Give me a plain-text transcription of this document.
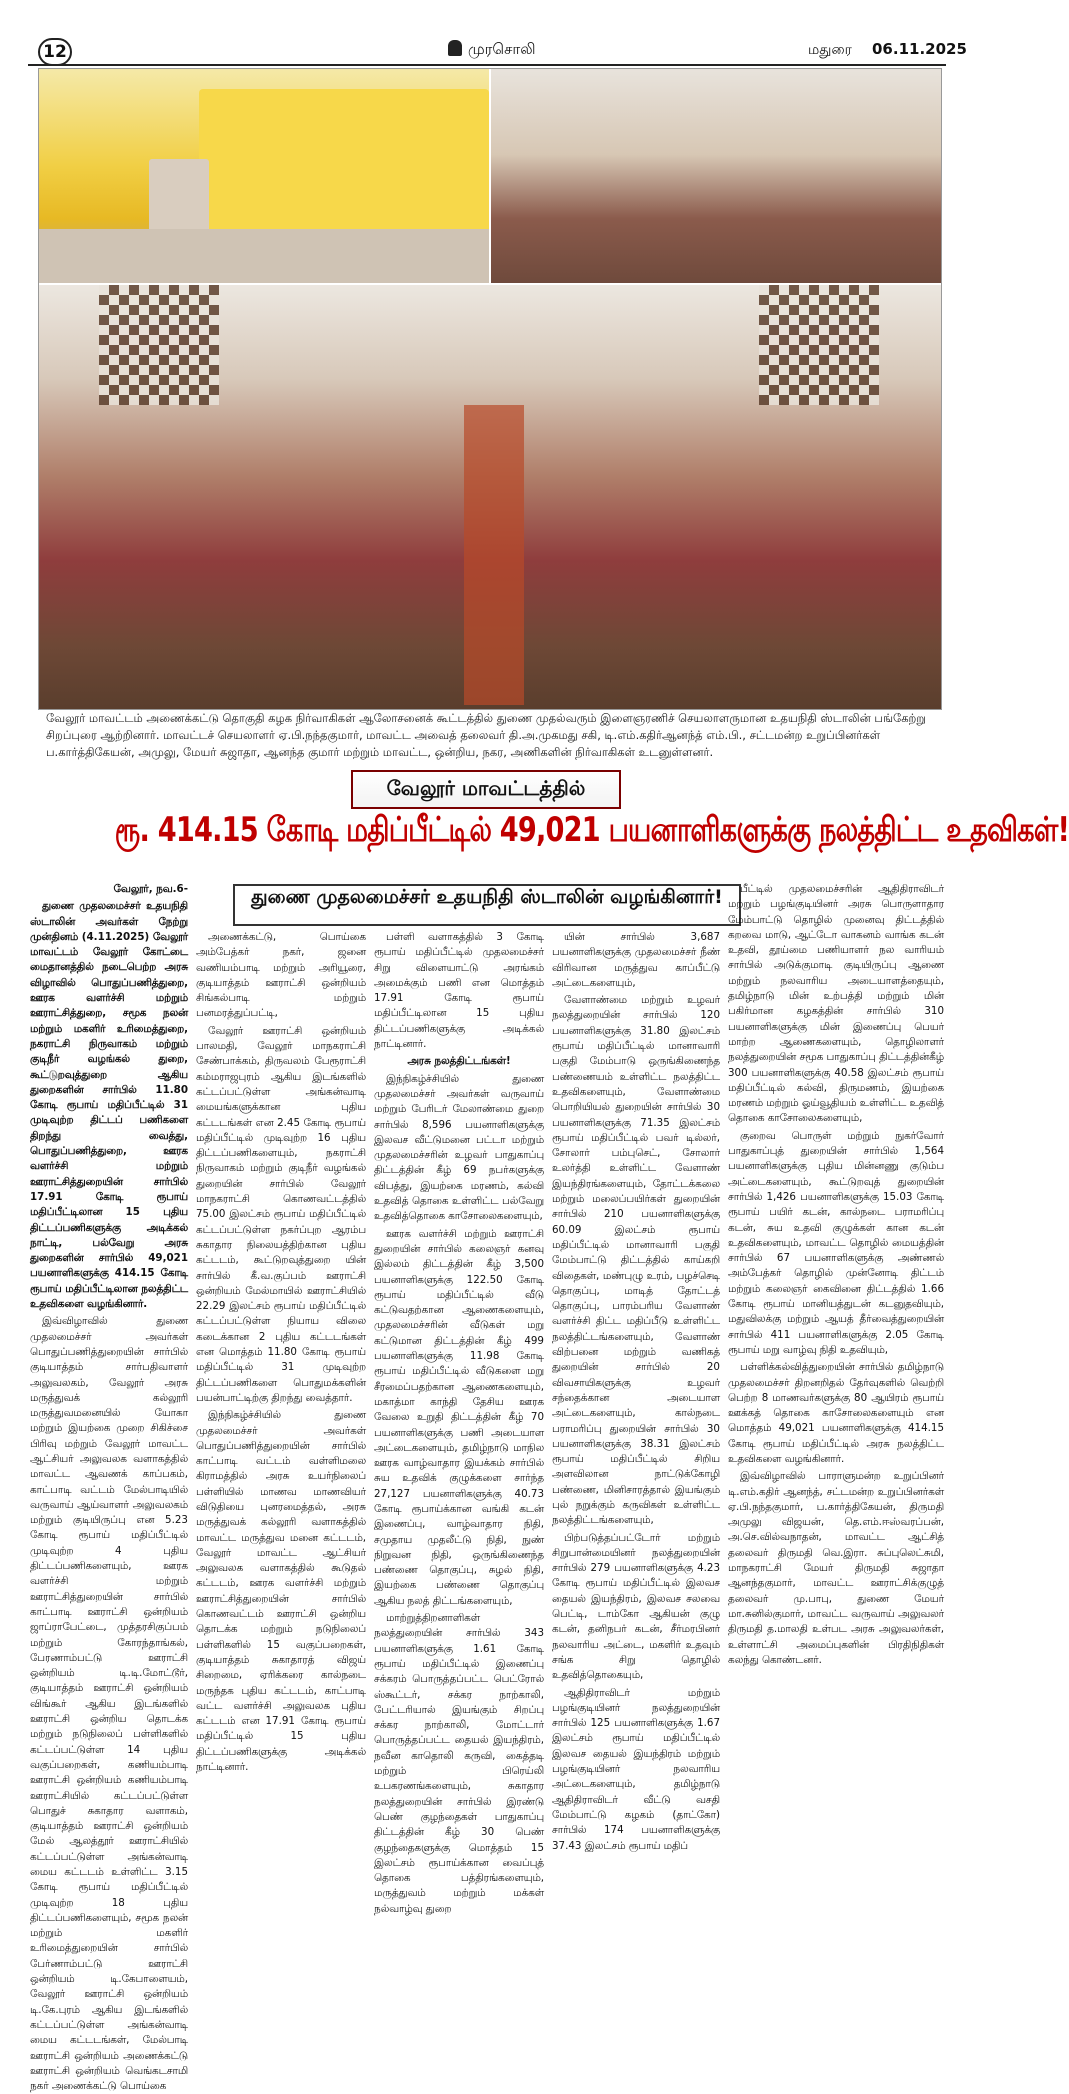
12	முரசொலி	மதுரை 06.11.2025
வேலூர் மாவட்டம் அணைக்கட்டு தொகுதி கழக நிர்வாகிகள் ஆலோசனைக் கூட்டத்தில் துணை முதல்வரும் இளைஞரணிச் செயலாளருமான உதயநிதி ஸ்டாலின் பங்கேற்று சிறப்புரை ஆற்றினார். மாவட்டச் செயலாளர் ஏ.பி.நந்தகுமார், மாவட்ட அவைத் தலைவர் தி.அ.முகமது சகி, டி.எம்.கதிர்ஆனந்த் எம்.பி., சட்டமன்ற உறுப்பினர்கள் ப.கார்த்திகேயன், அமுலு, மேயர் சுஜாதா, ஆனந்த குமார் மற்றும் மாவட்ட, ஒன்றிய, நகர, அணிகளின் நிர்வாகிகள் உடனுள்ளனர்.
வேலூர் மாவட்டத்தில்
ரூ. 414.15 கோடி மதிப்பீட்டில் 49,021 பயனாளிகளுக்கு நலத்திட்ட உதவிகள்!
துணை முதலமைச்சர் உதயநிதி ஸ்டாலின் வழங்கினார்!

வேலூர், நவ.6-

துணை முதலமைச்சர் உதயநிதி ஸ்டாலின் அவர்கள் நேற்று முன்தினம் (4.11.2025) வேலூர் மாவட்டம் வேலூர் கோட்டை மைதானத்தில் நடைபெற்ற அரசு விழாவில் பொதுப்பணித்துறை, ஊரக வளர்ச்சி மற்றும் ஊராட்சித்துறை, சமூக நலன் மற்றும் மகளிர் உரிமைத்துறை, நகராட்சி நிருவாகம் மற்றும் குடிநீர் வழங்கல் துறை, கூட்டுறவுத்துறை ஆகிய துறைகளின் சார்பில் 11.80 கோடி ரூபாய் மதிப்பீட்டில் 31 முடிவுற்ற திட்டப் பணிகளை திறந்து வைத்து, பொதுப்பணித்துறை, ஊரக வளர்ச்சி மற்றும் ஊராட்சித்துறையின் சார்பில் 17.91 கோடி ரூபாய் மதிப்பீட்டிலான 15 புதிய திட்டப்பணிகளுக்கு அடிக்கல் நாட்டி, பல்வேறு அரசு துறைகளின் சார்பில் 49,021 பயனாளிகளுக்கு 414.15 கோடி ரூபாய் மதிப்பீட்டிலான நலத்திட்ட உதவிகளை வழங்கினார்.

இவ்விழாவில் துணை முதலமைச்சர் அவர்கள் பொதுப்பணித்துறையின் சார்பில் குடியாத்தம் சார்பதிவாளர் அலுவலகம், வேலூர் அரசு மருத்துவக் கல்லூரி மருத்துவமனையில் யோகா மற்றும் இயற்கை முறை சிகிச்சை பிரிவு மற்றும் வேலூர் மாவட்ட ஆட்சியர் அலுவலக வளாகத்தில் மாவட்ட ஆவணக் காப்பகம், காட்பாடி வட்டம் மேல்பாடியில் வருவாய் ஆய்வாளர் அலுவலகம் மற்றும் குடியிருப்பு என 5.23 கோடி ரூபாய் மதிப்பீட்டில் முடிவுற்ற 4 புதிய திட்டப்பணிகளையும், ஊரக வளர்ச்சி மற்றும் ஊராட்சித்துறையின் சார்பில் காட்பாடி ஊராட்சி ஒன்றியம் ஜாப்ராபேட்டை, முத்தரசிகுப்பம் மற்றும் கோரந்தாங்கல், பேரணாம்பட்டு ஊராட்சி ஒன்றியம் டி.டி.மோட்டூர், குடியாத்தம் ஊராட்சி ஒன்றியம் விங்கூர் ஆகிய இடங்களில் ஊராட்சி ஒன்றிய தொடக்க மற்றும் நடுநிலைப் பள்ளிகளில் கட்டப்பட்டுள்ள 14 புதிய வகுப்பறைகள், கணியம்பாடி ஊராட்சி ஒன்றியம் கணியம்பாடி ஊராட்சியில் கட்டப்பட்டுள்ள பொதுச் சுகாதார வளாகம், குடியாத்தம் ஊராட்சி ஒன்றியம் மேல் ஆலத்தூர் ஊராட்சியில் கட்டப்பட்டுள்ள அங்கன்வாடி மைய கட்டடம் உள்ளிட்ட 3.15 கோடி ரூபாய் மதிப்பீட்டில் முடிவுற்ற 18 புதிய திட்டப்பணிகளையும், சமூக நலன் மற்றும் மகளிர் உரிமைத்துறையின் சார்பில் பேர்ணாம்பட்டு ஊராட்சி ஒன்றியம் டி.கேபாளையம், வேலூர் ஊராட்சி ஒன்றியம் டி.கே.புரம் ஆகிய இடங்களில் கட்டப்பட்டுள்ள அங்கன்வாடி மைய கட்டடங்கள், மேல்பாடி ஊராட்சி ஒன்றியம் அணைக்கட்டு ஊராட்சி ஒன்றியம் வெங்கடசாமி நகர் அணைக்கட்டு பொய்கை

அணைக்கட்டு, பொய்கை அம்பேத்கர் நகர், ஜனை வணியம்பாடி மற்றும் அரியூரை, குடியாத்தம் ஊராட்சி ஒன்றியம் சிங்கல்பாடி மற்றும் பனமரத்துப்பட்டி,

வேலூர் ஊராட்சி ஒன்றியம் பாலமதி, வேலூர் மாநகராட்சி சேண்பாக்கம், திருவலம் பேரூராட்சி கம்மராஜபுரம் ஆகிய இடங்களில் கட்டப்பட்டுள்ள அங்கன்வாடி மையங்களுக்கான புதிய கட்டடங்கள் என 2.45 கோடி ரூபாய் மதிப்பீட்டில் முடிவுற்ற 16 புதிய திட்டப்பணிகளையும், நகராட்சி நிருவாகம் மற்றும் குடிநீர் வழங்கல் துறையின் சார்பில் வேலூர் மாநகராட்சி கொணவட்டத்தில் 75.00 இலட்சம் ரூபாய் மதிப்பீட்டில் கட்டப்பட்டுள்ள நகர்ப்புற ஆரம்ப சுகாதார நிலையத்திற்கான புதிய கட்டடம், கூட்டுறவுத்துறை யின் சார்பில் கீ.வ.குப்பம் ஊராட்சி ஒன்றியம் மேல்மாயில் ஊராட்சியில் 22.29 இலட்சம் ரூபாய் மதிப்பீட்டில் கட்டப்பட்டுள்ள நியாய விலை கடைக்கான 2 புதிய கட்டடங்கள் என மொத்தம் 11.80 கோடி ரூபாய் மதிப்பீட்டில் 31 முடிவுற்ற திட்டப்பணிகளை பொதுமக்களின் பயன்பாட்டிற்கு திறந்து வைத்தார்.

இந்நிகழ்ச்சியில் துணை முதலமைச்சர் அவர்கள் பொதுப்பணித்துறையின் சார்பில் காட்பாடி வட்டம் வள்ளிமலை கிராமத்தில் அரசு உயர்நிலைப் பள்ளியில் மாணவ மாணவியர் விடுதியை புனரமைத்தல், அரசு மருத்துவக் கல்லூரி வளாகத்தில் மாவட்ட மருத்துவ மனை கட்டடம், வேலூர் மாவட்ட ஆட்சியர் அலுவலக வளாகத்தில் கூடுதல் கட்டடம், ஊரக வளர்ச்சி மற்றும் ஊராட்சித்துறையின் சார்பில் கொணவட்டம் ஊராட்சி ஒன்றிய தொடக்க மற்றும் நடுநிலைப் பள்ளிகளில் 15 வகுப்பறைகள், குடியாத்தம் சுகாதாரத் விஜய் சிறைமை, ஏரிக்கரை கால்நடை மருந்தக புதிய கட்டடம், காட்பாடி வட்ட வளர்ச்சி அலுவலக புதிய கட்டடம் என 17.91 கோடி ரூபாய் மதிப்பீட்டில் 15 புதிய திட்டப்பணிகளுக்கு அடிக்கல் நாட்டினார்.

பள்ளி வளாகத்தில் 3 கோடி ரூபாய் மதிப்பீட்டில் முதலமைச்சர் சிறு விளையாட்டு அரங்கம் அமைக்கும் பணி என மொத்தம் 17.91 கோடி ரூபாய் மதிப்பீட்டிலான 15 புதிய திட்டப்பணிகளுக்கு அடிக்கல் நாட்டினார்.

அரசு நலத்திட்டங்கள்!

இந்நிகழ்ச்சியில் துணை முதலமைச்சர் அவர்கள் வருவாய் மற்றும் பேரிடர் மேலாண்மை துறை சார்பில் 8,596 பயனாளிகளுக்கு இலவச வீட்டுமனை பட்டா மற்றும் முதலமைச்சரின் உழவர் பாதுகாப்பு திட்டத்தின் கீழ் 69 நபர்களுக்கு விபத்து, இயற்கை மரணம், கல்வி உதவித் தொகை உள்ளிட்ட பல்வேறு உதவித்தொகை காசோலைகளையும்,

ஊரக வளர்ச்சி மற்றும் ஊராட்சி துறையின் சார்பில் கலைஞர் கனவு இல்லம் திட்டத்தின் கீழ் 3,500 பயனாளிகளுக்கு 122.50 கோடி ரூபாய் மதிப்பீட்டில் வீடு கட்டுவதற்கான ஆணைகளையும், முதலமைச்சரின் வீடுகள் மறு கட்டுமான திட்டத்தின் கீழ் 499 பயனாளிகளுக்கு 11.98 கோடி ரூபாய் மதிப்பீட்டில் வீடுகளை மறு சீரமைப்பதற்கான ஆணைகளையும், மகாத்மா காந்தி தேசிய ஊரக வேலை உறுதி திட்டத்தின் கீழ் 70 பயனாளிகளுக்கு பணி அடையாள அட்டைகளையும், தமிழ்நாடு மாநில ஊரக வாழ்வாதார இயக்கம் சார்பில் சுய உதவிக் குழுக்களை சார்ந்த 27,127 பயனாளிகளுக்கு 40.73 கோடி ரூபாய்க்கான வங்கி கடன் இணைப்பு, வாழ்வாதார நிதி, சமுதாய முதலீட்டு நிதி, நுண் நிறுவன நிதி, ஒருங்கிணைந்த பண்ணை தொகுப்பு, சுழல் நிதி, இயற்கை பண்ணை தொகுப்பு ஆகிய நலத் திட்டங்களையும்,

மாற்றுத்திறனாளிகள் நலத்துறையின் சார்பில் 343 பயனாளிகளுக்கு 1.61 கோடி ரூபாய் மதிப்பீட்டில் இணைப்பு சக்கரம் பொருத்தப்பட்ட பெட்ரோல் ஸ்கூட்டர், சக்கர நாற்காலி, பேட்டரியால் இயங்கும் சிறப்பு சக்கர நாற்காலி, மோட்டார் பொருத்தப்பட்ட தையல் இயந்திரம், நவீன காதொலி கருவி, கைத்தடி மற்றும் பிரெய்லி உபகரணங்களையும், சுகாதார நலத்துறையின் சார்பில் இரண்டு பெண் குழந்தைகள் பாதுகாப்பு திட்டத்தின் கீழ் 30 பெண் குழந்தைகளுக்கு மொத்தம் 15 இலட்சம் ரூபாய்க்கான வைப்புத் தொகை பத்திரங்களையும், மருத்துவம் மற்றும் மக்கள் நல்வாழ்வு துறை

யின் சார்பில் 3,687 பயனாளிகளுக்கு முதலமைச்சர் நீண் விரிவான மருத்துவ காப்பீட்டு அட்டைகளையும்,

வேளாண்மை மற்றும் உழவர் நலத்துறையின் சார்பில் 120 பயனாளிகளுக்கு 31.80 இலட்சம் ரூபாய் மதிப்பீட்டில் மானாவாரி பகுதி மேம்பாடு ஒருங்கிணைந்த பண்ணையம் உள்ளிட்ட நலத்திட்ட உதவிகளையும், வேளாண்மை பொறியியல் துறையின் சார்பில் 30 பயனாளிகளுக்கு 71.35 இலட்சம் ரூபாய் மதிப்பீட்டில் பவர் டில்லர், சோலார் பம்புசெட், சோலார் உலர்த்தி உள்ளிட்ட வேளாண் இயந்திரங்களையும், தோட்டக்கலை மற்றும் மலைப்பயிர்கள் துறையின் சார்பில் 210 பயனாளிகளுக்கு 60.09 இலட்சம் ரூபாய் மதிப்பீட்டில் மானாவாரி பகுதி மேம்பாட்டு திட்டத்தில் காய்கறி விதைகள், மண்புழு உரம், பழச்செடி தொகுப்பு, மாடித் தோட்டத் தொகுப்பு, பாரம்பரிய வேளாண் வளர்ச்சி திட்ட மதிப்பீடு உள்ளிட்ட நலத்திட்டங்களையும், வேளாண் விற்பனை மற்றும் வணிகத் துறையின் சார்பில் 20 விவசாயிகளுக்கு உழவர் சந்தைக்கான அடையாள அட்டைகளையும், கால்நடை பராமரிப்பு துறையின் சார்பில் 30 பயனாளிகளுக்கு 38.31 இலட்சம் ரூபாய் மதிப்பீட்டில் சிறிய அளவிலான நாட்டுக்கோழி பண்ணை, மினிசாரத்தால் இயங்கும் புல் நறுக்கும் கருவிகள் உள்ளிட்ட நலத்திட்டங்களையும்,

பிற்படுத்தப்பட்டோர் மற்றும் சிறுபான்மையினர் நலத்துறையின் சார்பில் 279 பயனாளிகளுக்கு 4.23 கோடி ரூபாய் மதிப்பீட்டில் இலவச தையல் இயந்திரம், இலவச சலவை பெட்டி, டாம்கோ ஆகியன் குழு கடன், தனிநபர் கடன், சீர்மரபினர் நலவாரிய அட்டை, மகளிர் உதவும் சங்க சிறு தொழில் உதவித்தொகையும்,

ஆதிதிராவிடர் மற்றும் பழங்குடியினர் நலத்துறையின் சார்பில் 125 பயனாளிகளுக்கு 1.67 இலட்சம் ரூபாய் மதிப்பீட்டில் இலவச தையல் இயந்திரம் மற்றும் பழங்குடியினர் நலவாரிய அட்டைகளையும், தமிழ்நாடு ஆதிதிராவிடர் வீட்டு வசதி மேம்பாட்டு கழகம் (தாட்கோ) சார்பில் 174 பயனாளிகளுக்கு 37.43 இலட்சம் ரூபாய் மதிப்

பீட்டில் முதலமைச்சரின் ஆதிதிராவிடர் மற்றும் பழங்குடியினர் அரசு பொருளாதார மேம்பாட்டு தொழில் முனைவு திட்டத்தில் கறவை மாடு, ஆட்டோ வாகனம் வாங்க கடன் உதவி, தூய்மை பணியாளர் நல வாரியம் சார்பில் அடுக்குமாடி குடியிருப்பு ஆணை மற்றும் நலவாரிய அடையாளத்தையும், தமிழ்நாடு மின் உற்பத்தி மற்றும் மின் பகிர்மான கழகத்தின் சார்பில் 310 பயனாளிகளுக்கு மின் இணைப்பு பெயர் மாற்ற ஆணைகளையும், தொழிலாளர் நலத்துறையின் சமூக பாதுகாப்பு திட்டத்தின்கீழ் 300 பயனாளிகளுக்கு 40.58 இலட்சம் ரூபாய் மதிப்பீட்டில் கல்வி, திருமணம், இயற்கை மரணம் மற்றும் ஓய்வூதியம் உள்ளிட்ட உதவித் தொகை காசோலைகளையும்,

குறைவ பொருள் மற்றும் நுகர்வோர் பாதுகாப்புத் துறையின் சார்பில் 1,564 பயனாளிகளுக்கு புதிய மின்னணு குடும்ப அட்டைகளையும், கூட்டுறவுத் துறையின் சார்பில் 1,426 பயனாளிகளுக்கு 15.03 கோடி ரூபாய் பயிர் கடன், கால்நடை பராமரிப்பு கடன், சுய உதவி குழுக்கள் கான கடன் உதவிகளையும், மாவட்ட தொழில் மையத்தின் சார்பில் 67 பயனாளிகளுக்கு அண்ணல் அம்பேத்கர் தொழில் முன்னோடி திட்டம் மற்றும் கலைஞர் கைவினை திட்டத்தில் 1.66 கோடி ரூபாய் மானியத்துடன் கடனுதவியும், மதுவிலக்கு மற்றும் ஆயத் தீர்வைத்துறையின் சார்பில் 411 பயனாளிகளுக்கு 2.05 கோடி ரூபாய் மறு வாழ்வு நிதி உதவியும்,

பள்ளிக்கல்வித்துறையின் சார்பில் தமிழ்நாடு முதலமைச்சர் திறனறிதல் தேர்வுகளில் வெற்றி பெற்ற 8 மாணவர்களுக்கு 80 ஆயிரம் ரூபாய் ஊக்கத் தொகை காசோலைகளையும் என மொத்தம் 49,021 பயனாளிகளுக்கு 414.15 கோடி ரூபாய் மதிப்பீட்டில் அரசு நலத்திட்ட உதவிகளை வழங்கினார்.

இவ்விழாவில் பாராளுமன்ற உறுப்பினர் டி.எம்.கதிர் ஆனந்த், சட்டமன்ற உறுப்பினர்கள் ஏ.பி.நந்தகுமார், ப.கார்த்திகேயன், திருமதி அமுலு விஜயன், தெ.எம்.ஈஸ்வரப்பன், அ.செ.வில்வநாதன், மாவட்ட ஆட்சித் தலைவர் திருமதி வெ.இரா. சுப்புலெட்சுமி, மாநகராட்சி மேயர் திருமதி சுஜாதா ஆனந்தகுமார், மாவட்ட ஊராட்சிக்குழுத் தலைவர் மு.பாபு, துணை மேயர் மா.சுனில்குமார், மாவட்ட வருவாய் அலுவலர் திருமதி த.மாலதி உள்பட அரசு அலுவலர்கள், உள்ளாட்சி அமைப்புகளின் பிரதிநிதிகள் கலந்து கொண்டனர்.
